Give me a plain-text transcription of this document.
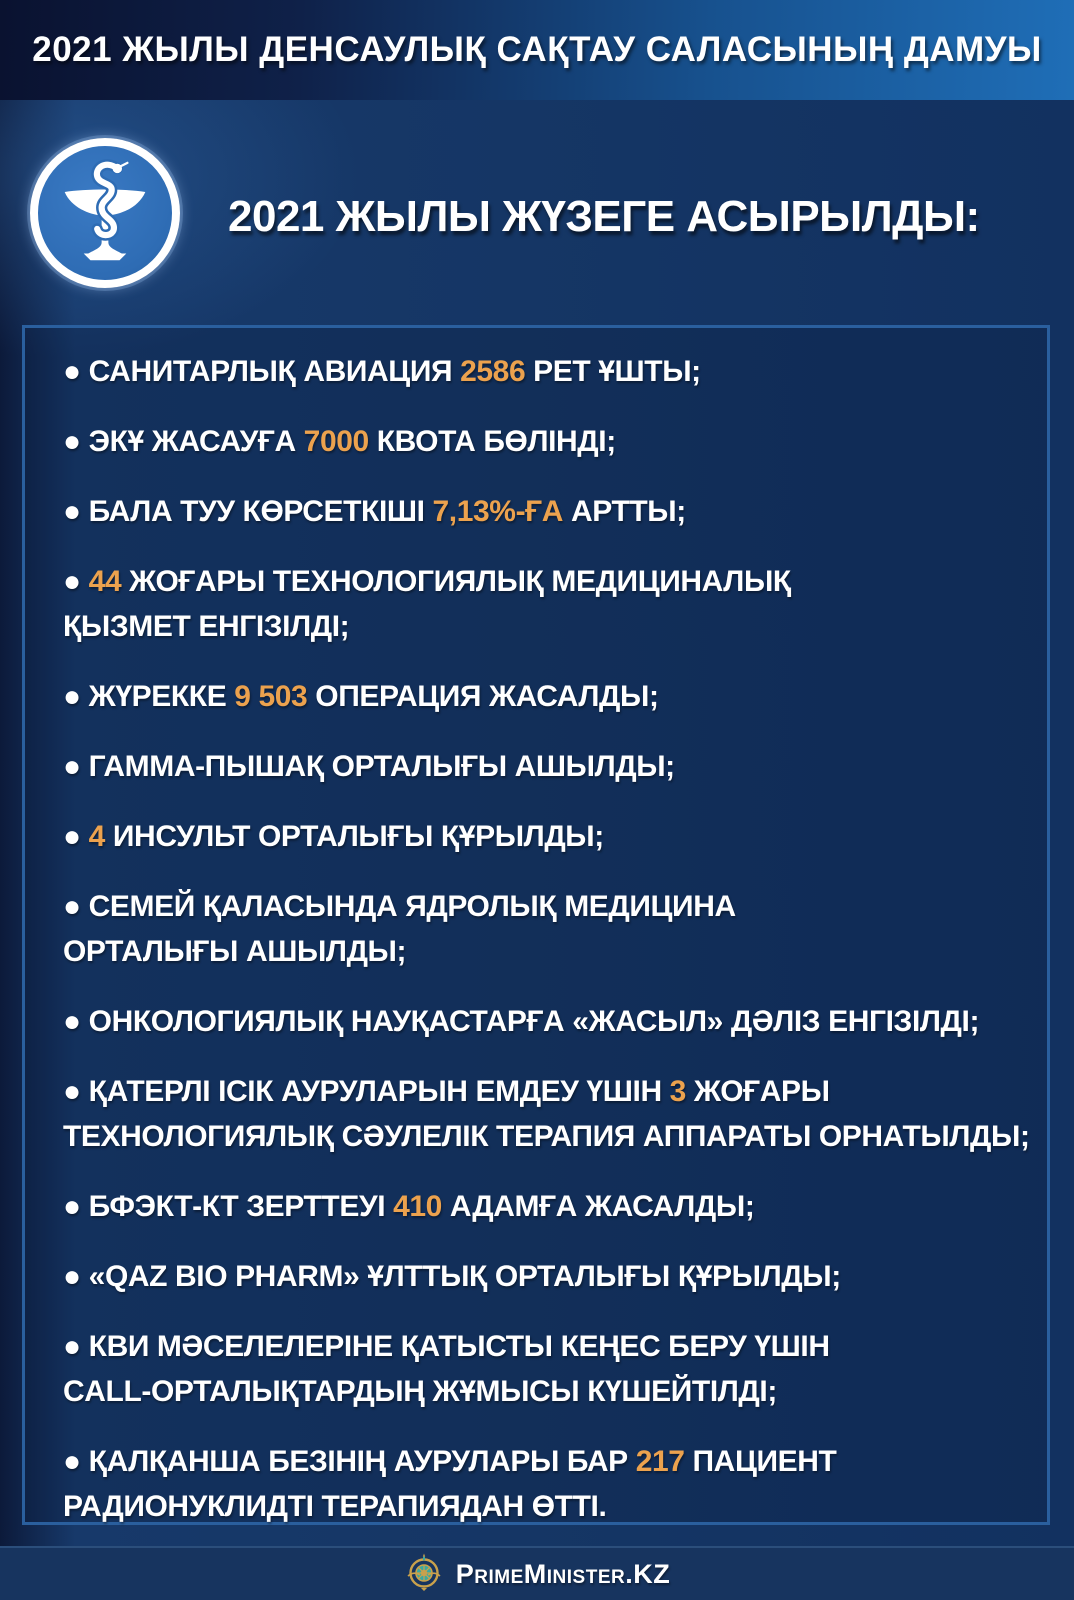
2021 ЖЫЛЫ ДЕНСАУЛЫҚ САҚТАУ САЛАСЫНЫҢ ДАМУЫ
2021 ЖЫЛЫ ЖҮЗЕГЕ АСЫРЫЛДЫ:
● САНИТАРЛЫҚ АВИАЦИЯ 2586 РЕТ ҰШТЫ;
● ЭКҰ ЖАСАУҒА 7000 КВОТА БӨЛІНДІ;
● БАЛА ТУУ КӨРСЕТКІШІ 7,13%-ҒА АРТТЫ;
● 44 ЖОҒАРЫ ТЕХНОЛОГИЯЛЫҚ МЕДИЦИНАЛЫҚ
ҚЫЗМЕТ ЕНГІЗІЛДІ;
● ЖҮРЕККЕ 9 503 ОПЕРАЦИЯ ЖАСАЛДЫ;
● ГАММА-ПЫШАҚ ОРТАЛЫҒЫ АШЫЛДЫ;
● 4 ИНСУЛЬТ ОРТАЛЫҒЫ ҚҰРЫЛДЫ;
● СЕМЕЙ ҚАЛАСЫНДА ЯДРОЛЫҚ МЕДИЦИНА
ОРТАЛЫҒЫ АШЫЛДЫ;
● ОНКОЛОГИЯЛЫҚ НАУҚАСТАРҒА «ЖАСЫЛ» ДӘЛІЗ ЕНГІЗІЛДІ;
● ҚАТЕРЛІ ІСІК АУРУЛАРЫН ЕМДЕУ ҮШІН 3 ЖОҒАРЫ
ТЕХНОЛОГИЯЛЫҚ СӘУЛЕЛІК ТЕРАПИЯ АППАРАТЫ ОРНАТЫЛДЫ;
● БФЭКТ-КТ ЗЕРТТЕУІ 410 АДАМҒА ЖАСАЛДЫ;
● «QAZ BIO PHARM» ҰЛТТЫҚ ОРТАЛЫҒЫ ҚҰРЫЛДЫ;
● КВИ МӘСЕЛЕЛЕРІНЕ ҚАТЫСТЫ КЕҢЕС БЕРУ ҮШІН
CALL-ОРТАЛЫҚТАРДЫҢ ЖҰМЫСЫ КҮШЕЙТІЛДІ;
● ҚАЛҚАНША БЕЗІНІҢ АУРУЛАРЫ БАР 217 ПАЦИЕНТ
РАДИОНУКЛИДТІ ТЕРАПИЯДАН ӨТТІ.
PrimeMinister.KZ
